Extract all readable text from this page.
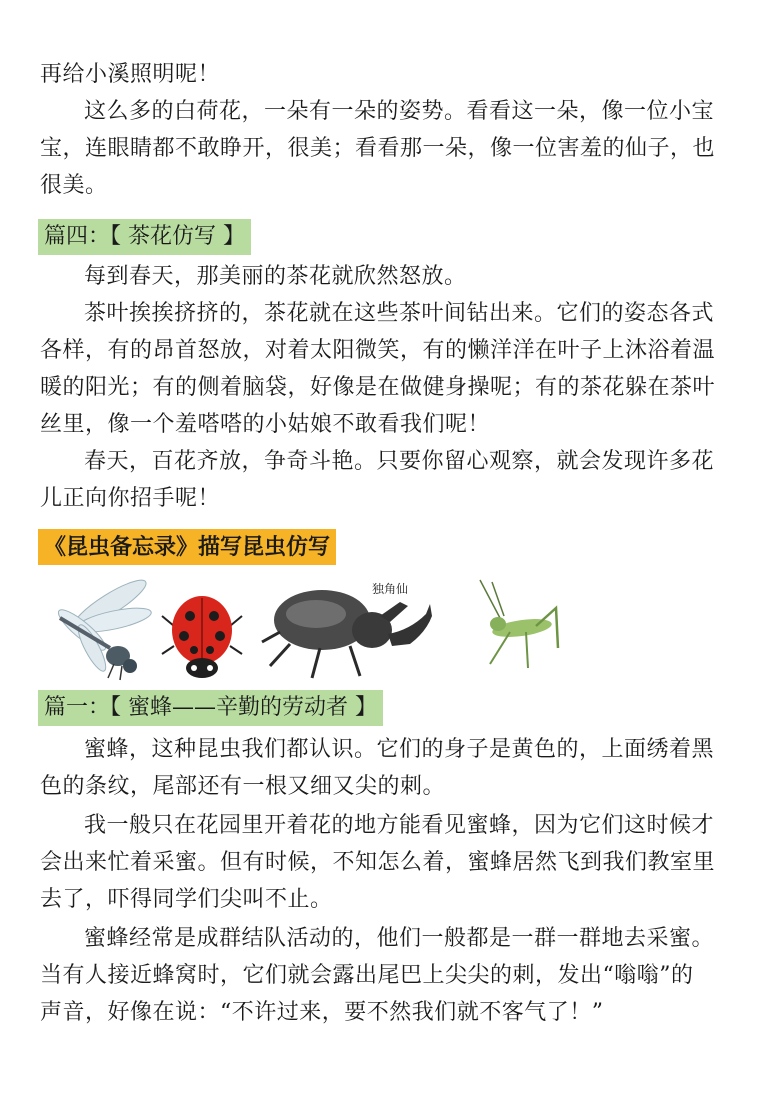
再给小溪照明呢！
这么多的白荷花，一朵有一朵的姿势。看看这一朵，像一位小宝
宝，连眼睛都不敢睁开，很美；看看那一朵，像一位害羞的仙子，也
很美。
篇四：【 茶花仿写 】
每到春天，那美丽的茶花就欣然怒放。
茶叶挨挨挤挤的，茶花就在这些茶叶间钻出来。它们的姿态各式
各样，有的昂首怒放，对着太阳微笑，有的懒洋洋在叶子上沐浴着温
暖的阳光；有的侧着脑袋，好像是在做健身操呢；有的茶花躲在茶叶
丝里，像一个羞嗒嗒的小姑娘不敢看我们呢！
春天，百花齐放，争奇斗艳。只要你留心观察，就会发现许多花
儿正向你招手呢！
《昆虫备忘录》描写昆虫仿写
独角仙
篇一：【 蜜蜂——辛勤的劳动者 】
蜜蜂，这种昆虫我们都认识。它们的身子是黄色的，上面绣着黑
色的条纹，尾部还有一根又细又尖的刺。
我一般只在花园里开着花的地方能看见蜜蜂，因为它们这时候才
会出来忙着采蜜。但有时候，不知怎么着，蜜蜂居然飞到我们教室里
去了，吓得同学们尖叫不止。
蜜蜂经常是成群结队活动的，他们一般都是一群一群地去采蜜。
当有人接近蜂窝时，它们就会露出尾巴上尖尖的刺，发出“嗡嗡”的
声音，好像在说：“不许过来，要不然我们就不客气了！”
